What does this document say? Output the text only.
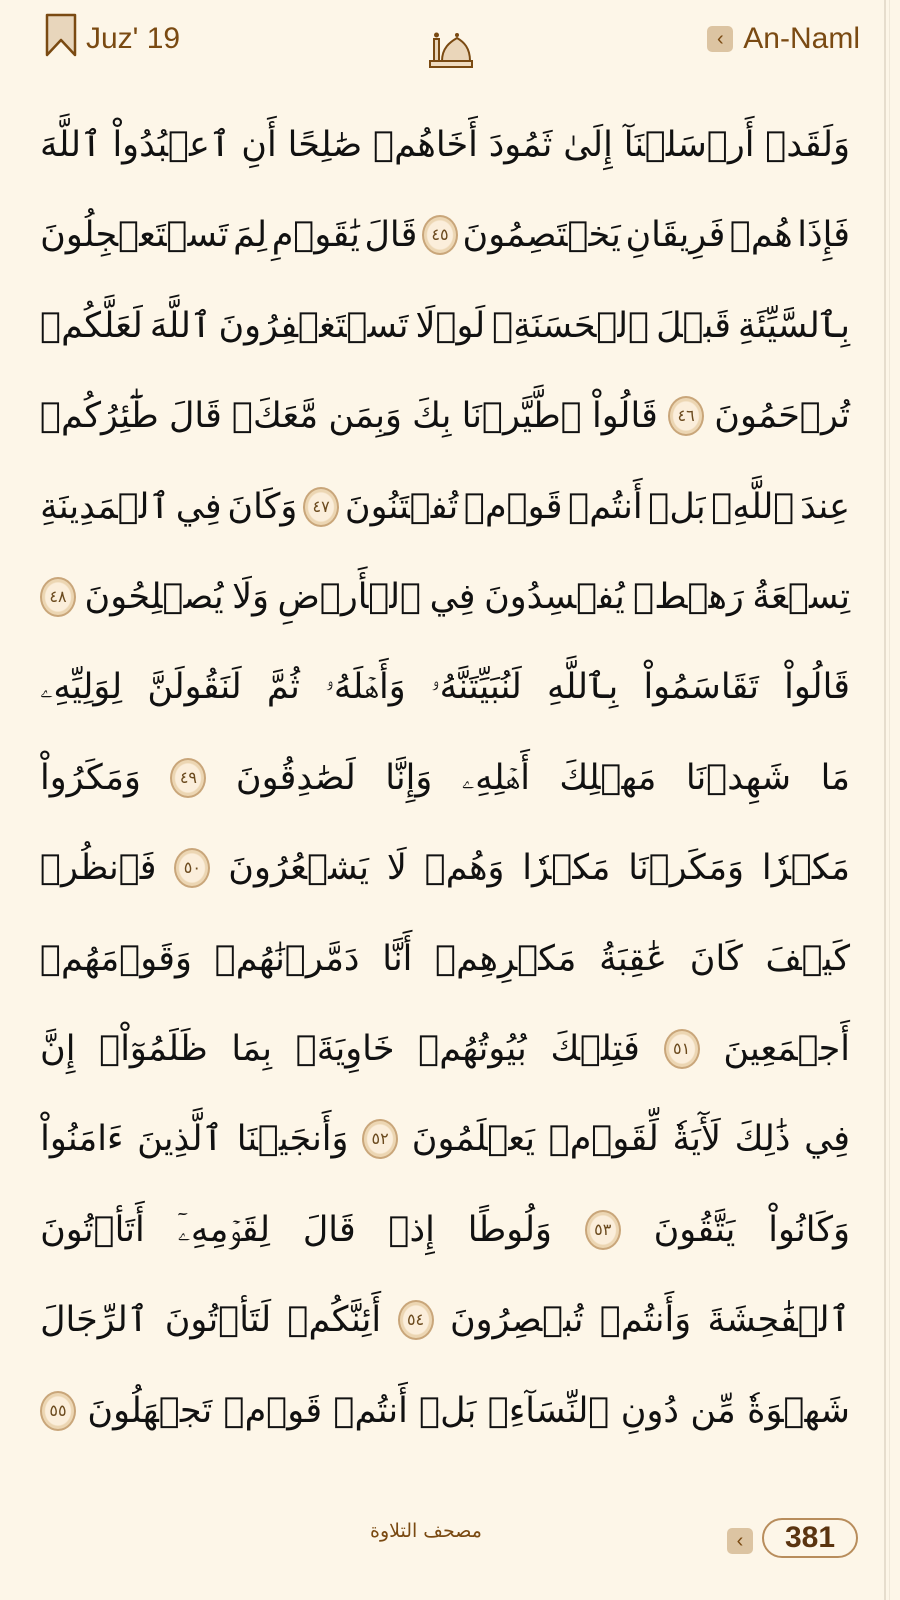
Juz' 19	‹ An-Naml
وَلَقَدۡ
أَرۡسَلۡنَآ
إِلَىٰ
ثَمُودَ
أَخَاهُمۡ
صَٰلِحًا
أَنِ
ٱعۡبُدُواْ
ٱللَّهَ
فَإِذَا
هُمۡ
فَرِيقَانِ
يَخۡتَصِمُونَ
٤٥
قَالَ
يَٰقَوۡمِ
لِمَ
تَسۡتَعۡجِلُونَ
بِٱلسَّيِّئَةِ
قَبۡلَ
ٱلۡحَسَنَةِۖ
لَوۡلَا
تَسۡتَغۡفِرُونَ
ٱللَّهَ
لَعَلَّكُمۡ
تُرۡحَمُونَ
٤٦
قَالُواْ
ٱطَّيَّرۡنَا
بِكَ
وَبِمَن
مَّعَكَۚ
قَالَ
طَٰٓئِرُكُمۡ
عِندَ
ٱللَّهِۖ
بَلۡ
أَنتُمۡ
قَوۡمٞ
تُفۡتَنُونَ
٤٧
وَكَانَ
فِي
ٱلۡمَدِينَةِ
تِسۡعَةُ
رَهۡطٖ
يُفۡسِدُونَ
فِي
ٱلۡأَرۡضِ
وَلَا
يُصۡلِحُونَ
٤٨
قَالُواْ
تَقَاسَمُواْ
بِٱللَّهِ
لَنُبَيِّتَنَّهُۥ
وَأَهۡلَهُۥ
ثُمَّ
لَنَقُولَنَّ
لِوَلِيِّهِۦ
مَا
شَهِدۡنَا
مَهۡلِكَ
أَهۡلِهِۦ
وَإِنَّا
لَصَٰدِقُونَ
٤٩
وَمَكَرُواْ
مَكۡرٗا
وَمَكَرۡنَا
مَكۡرٗا
وَهُمۡ
لَا
يَشۡعُرُونَ
٥٠
فَٱنظُرۡ
كَيۡفَ
كَانَ
عَٰقِبَةُ
مَكۡرِهِمۡ
أَنَّا
دَمَّرۡنَٰهُمۡ
وَقَوۡمَهُمۡ
أَجۡمَعِينَ
٥١
فَتِلۡكَ
بُيُوتُهُمۡ
خَاوِيَةَۢ
بِمَا
ظَلَمُوٓاْۚ
إِنَّ
فِي
ذَٰلِكَ
لَأٓيَةٗ
لِّقَوۡمٖ
يَعۡلَمُونَ
٥٢
وَأَنجَيۡنَا
ٱلَّذِينَ
ءَامَنُواْ
وَكَانُواْ
يَتَّقُونَ
٥٣
وَلُوطًا
إِذۡ
قَالَ
لِقَوۡمِهِۦٓ
أَتَأۡتُونَ
ٱلۡفَٰحِشَةَ
وَأَنتُمۡ
تُبۡصِرُونَ
٥٤
أَئِنَّكُمۡ
لَتَأۡتُونَ
ٱلرِّجَالَ
شَهۡوَةٗ
مِّن
دُونِ
ٱلنِّسَآءِۚ
بَلۡ
أَنتُمۡ
قَوۡمٞ
تَجۡهَلُونَ
٥٥
مصحف التلاوة	‹	381
